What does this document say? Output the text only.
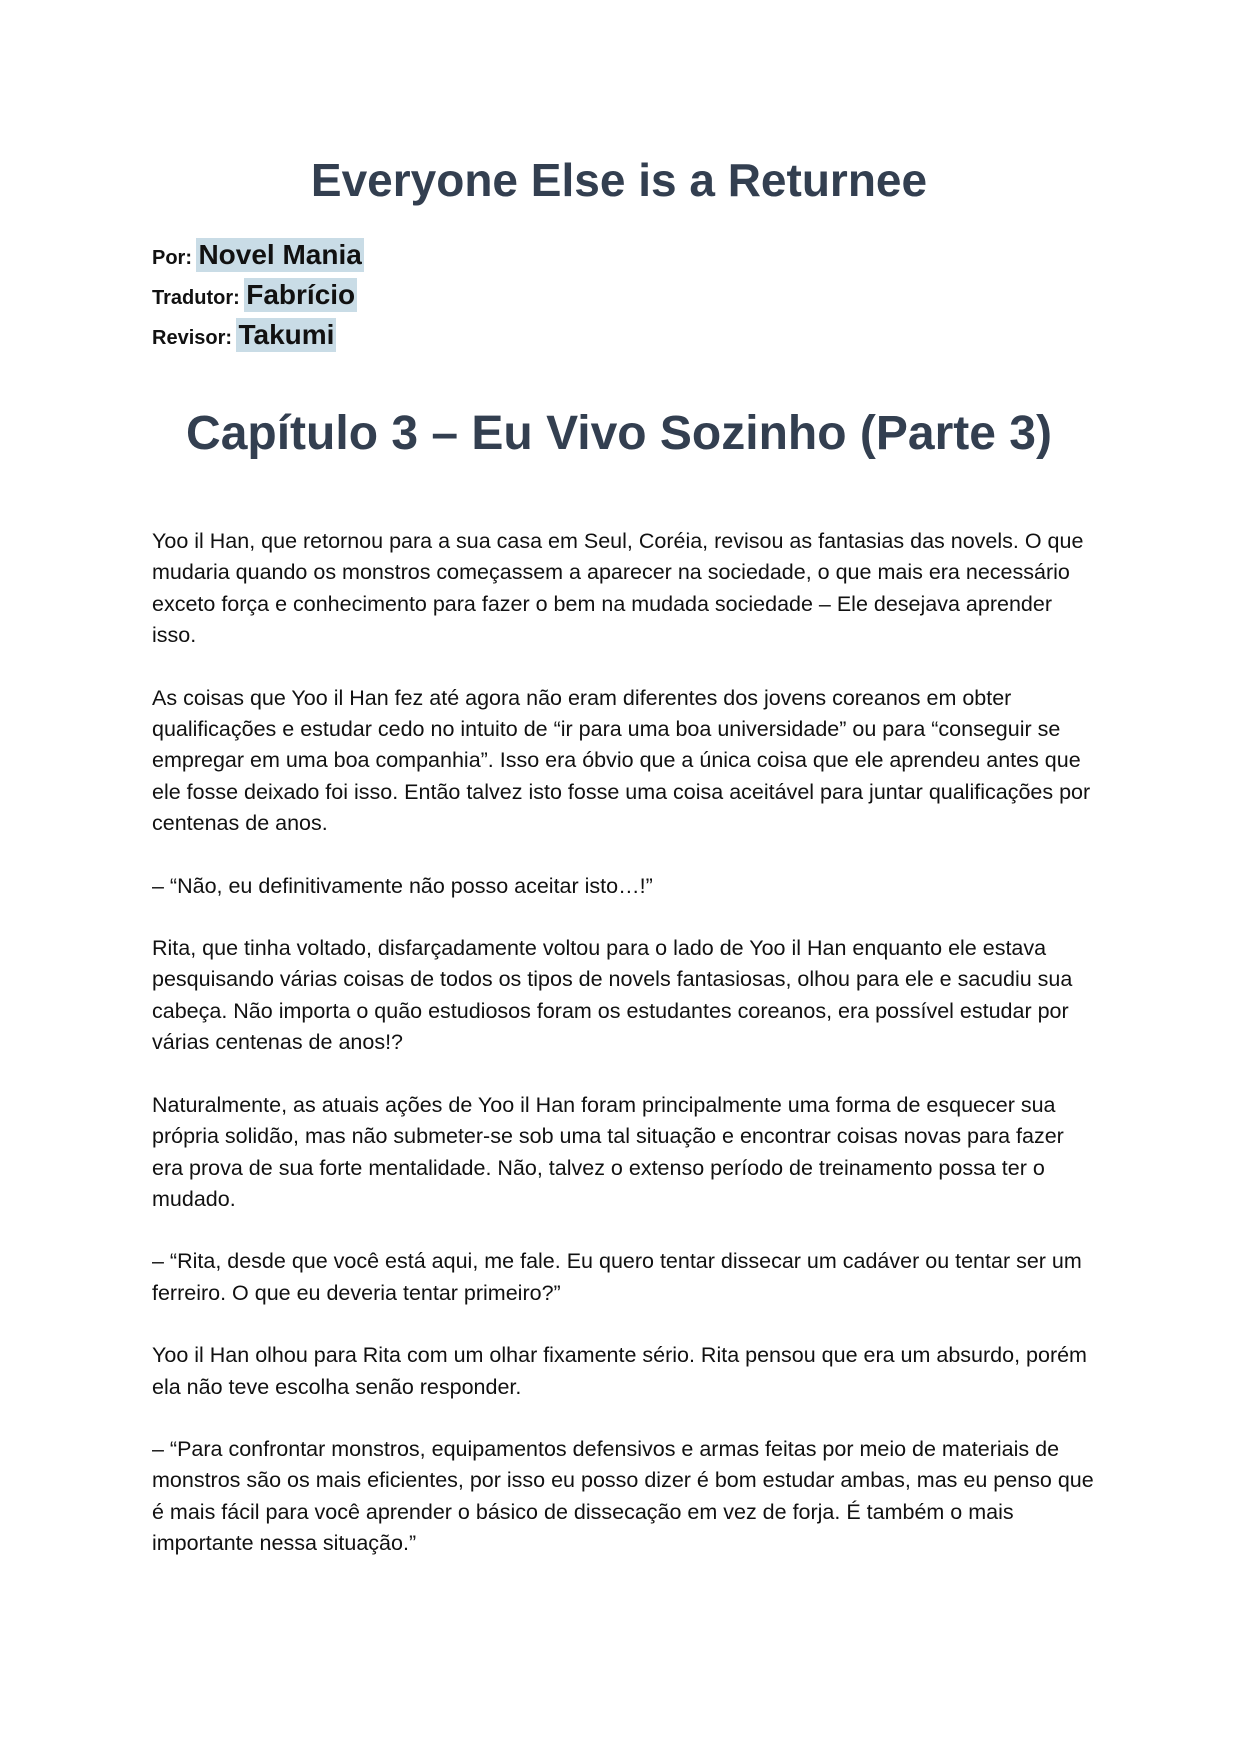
Everyone Else is a Returnee
Por: Novel Mania
Tradutor: Fabrício
Revisor: Takumi
Capítulo 3 – Eu Vivo Sozinho (Parte 3)

Yoo il Han, que retornou para a sua casa em Seul, Coréia, revisou as fantasias das novels. O que mudaria quando os monstros começassem a aparecer na sociedade, o que mais era necessário exceto força e conhecimento para fazer o bem na mudada sociedade – Ele desejava aprender isso.

As coisas que Yoo il Han fez até agora não eram diferentes dos jovens coreanos em obter qualificações e estudar cedo no intuito de “ir para uma boa universidade” ou para “conseguir se empregar em uma boa companhia”. Isso era óbvio que a única coisa que ele aprendeu antes que ele fosse deixado foi isso. Então talvez isto fosse uma coisa aceitável para juntar qualificações por centenas de anos.

– “Não, eu definitivamente não posso aceitar isto…!”

Rita, que tinha voltado, disfarçadamente voltou para o lado de Yoo il Han enquanto ele estava pesquisando várias coisas de todos os tipos de novels fantasiosas, olhou para ele e sacudiu sua cabeça. Não importa o quão estudiosos foram os estudantes coreanos, era possível estudar por várias centenas de anos!?

Naturalmente, as atuais ações de Yoo il Han foram principalmente uma forma de esquecer sua própria solidão, mas não submeter-se sob uma tal situação e encontrar coisas novas para fazer era prova de sua forte mentalidade. Não, talvez o extenso período de treinamento possa ter o mudado.

– “Rita, desde que você está aqui, me fale. Eu quero tentar dissecar um cadáver ou tentar ser um ferreiro. O que eu deveria tentar primeiro?”

Yoo il Han olhou para Rita com um olhar fixamente sério. Rita pensou que era um absurdo, porém ela não teve escolha senão responder.

– “Para confrontar monstros, equipamentos defensivos e armas feitas por meio de materiais de monstros são os mais eficientes, por isso eu posso dizer é bom estudar ambas, mas eu penso que é mais fácil para você aprender o básico de dissecação em vez de forja. É também o mais importante nessa situação.”
